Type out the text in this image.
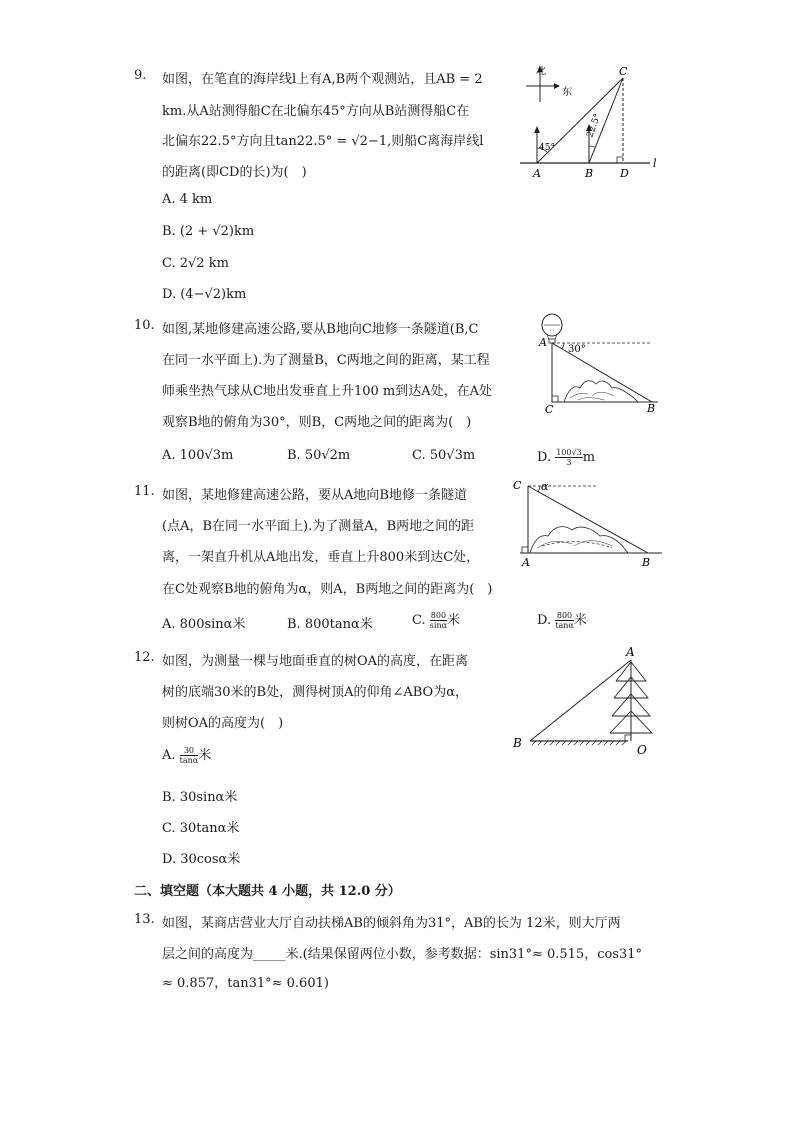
9.	如图，在笔直的海岸线l上有A,B两个观测站，且AB = 2
km.从A站测得船C在北偏东45°方向从B站测得船C在
北偏东22.5°方向且tan22.5° = √2−1,则船C离海岸线l
的距离(即CD的长)为(　)
A. 4 km
B. (2 + √2)km
C. 2√2 km
D. (4−√2)km
北
东
45°
22.5°
A	B
C
D
l
10. 如图,某地修建高速公路,要从B地向C地修一条隧道(B,C
在同一水平面上).为了测量B，C两地之间的距离，某工程
师乘坐热气球从C地出发垂直上升100 m到达A处，在A处
观察B地的俯角为30°，则B，C两地之间的距离为(　)
A. 100√3m	B. 50√2m	C. 50√3m	D. $\frac{100√3}{3}$ m
30°
A
C	B
11. 如图，某地修建高速公路，要从A地向B地修一条隧道
(点A，B在同一水平面上).为了测量A，B两地之间的距
离，一架直升机从A地出发，垂直上升800米到达C处，
在C处观察B地的俯角为α，则A，B两地之间的距离为(　)
A. 800sinα米	B. 800tanα米	C. $\frac{800}{\sin\alpha}$ 米	D. $\frac{800}{\tan\alpha}$ 米
α
C
A	B
12. 如图，为测量一棵与地面垂直的树OA的高度，在距离
树的底端30米的B处，测得树顶A的仰角∠ABO为α，
则树OA的高度为(　)
A. $\frac{30}{\tan\alpha}$ 米
B. 30sinα米
C. 30tanα米
D. 30cosα米
A
B	O
二、填空题（本大题共 4 小题，共 12.0 分）
13. 如图，某商店营业大厅自动扶梯AB的倾斜角为31°，AB的长为 12米，则大厅两
层之间的高度为_____米.(结果保留两位小数，参考数据：sin31°≈ 0.515，cos31°
≈ 0.857，tan31°≈ 0.601)
